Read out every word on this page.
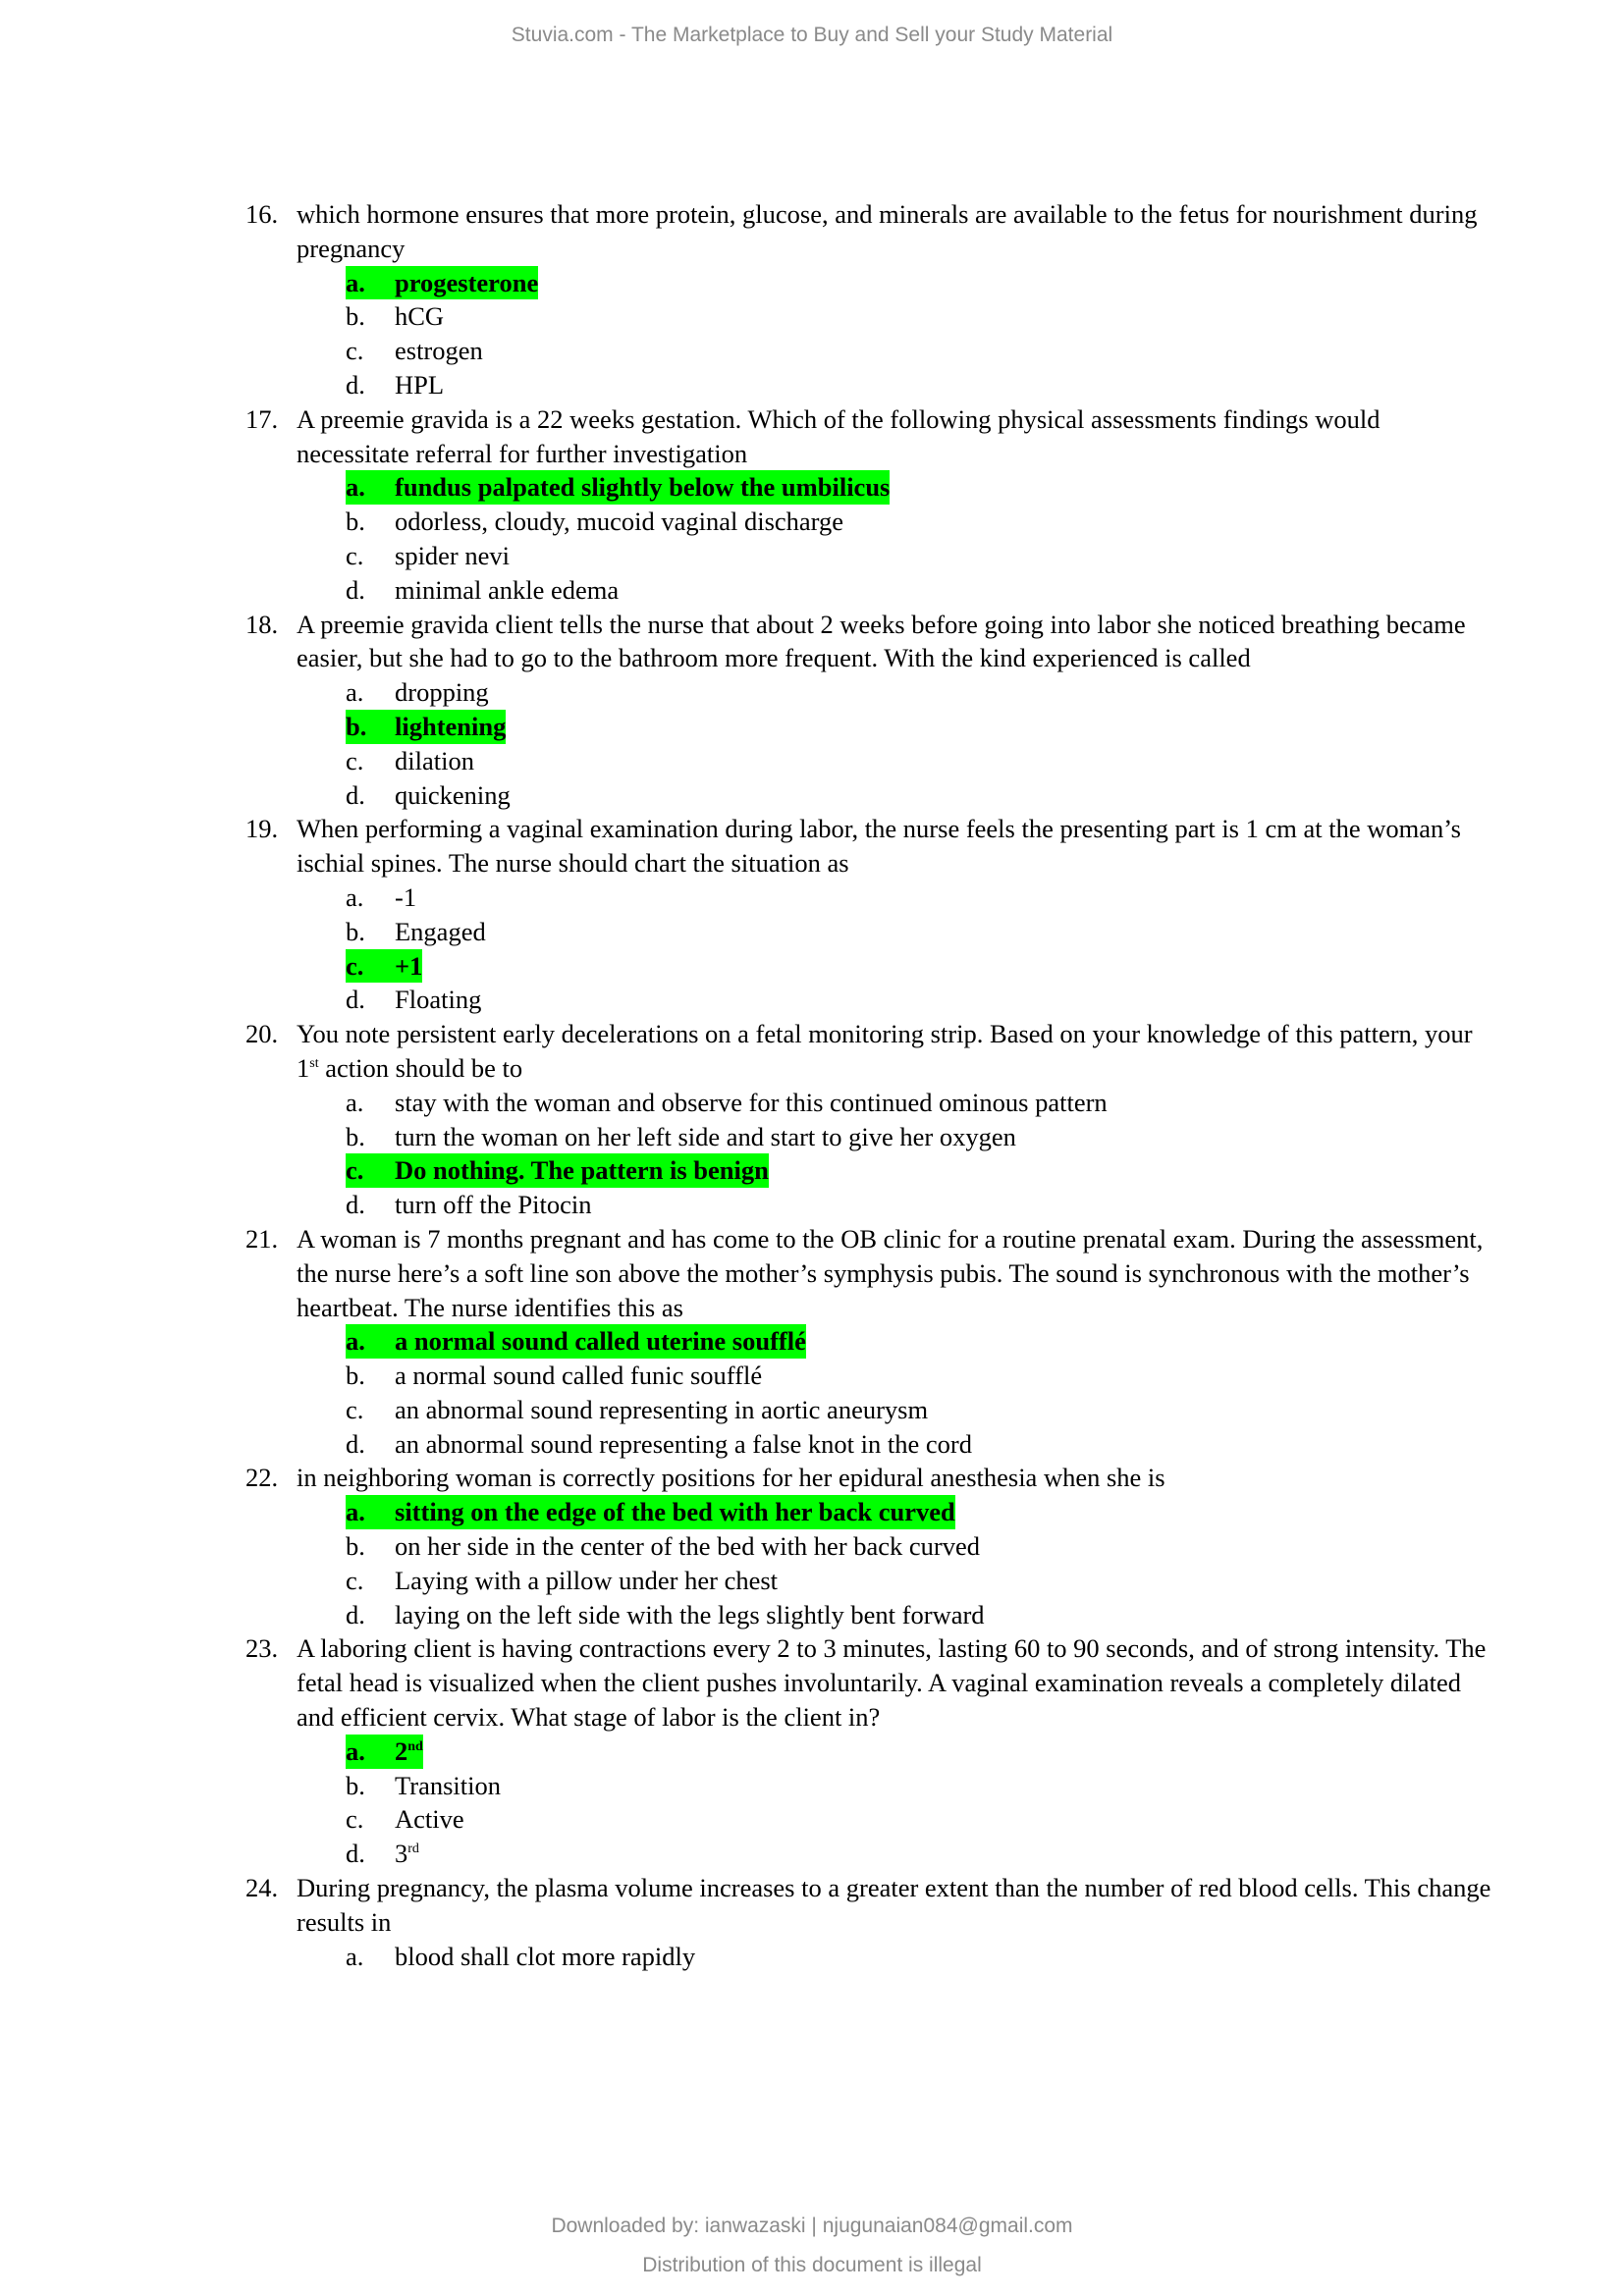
Stuvia.com - The Marketplace to Buy and Sell your Study Material
16. which hormone ensures that more protein, glucose, and minerals are available to the fetus for nourishment during pregnancy
a.	progesterone
b.	hCG
c.	estrogen
d.	HPL
17. A preemie gravida is a 22 weeks gestation. Which of the following physical assessments findings would necessitate referral for further investigation
a.	fundus palpated slightly below the umbilicus
b.	odorless, cloudy, mucoid vaginal discharge
c.	spider nevi
d.	minimal ankle edema
18. A preemie gravida client tells the nurse that about 2 weeks before going into labor she noticed breathing became easier, but she had to go to the bathroom more frequent. With the kind experienced is called
a.	dropping
b.	lightening
c.	dilation
d.	quickening
19. When performing a vaginal examination during labor, the nurse feels the presenting part is 1 cm at the woman’s ischial spines. The nurse should chart the situation as
a.	-1
b.	Engaged
c.	+1
d.	Floating
20. You note persistent early decelerations on a fetal monitoring strip. Based on your knowledge of this pattern, your 1st action should be to
a.	stay with the woman and observe for this continued ominous pattern
b.	turn the woman on her left side and start to give her oxygen
c.	Do nothing. The pattern is benign
d.	turn off the Pitocin
21. A woman is 7 months pregnant and has come to the OB clinic for a routine prenatal exam. During the assessment, the nurse here’s a soft line son above the mother’s symphysis pubis. The sound is synchronous with the mother’s heartbeat. The nurse identifies this as
a.	a normal sound called uterine soufflé
b.	a normal sound called funic soufflé
c.	an abnormal sound representing in aortic aneurysm
d.	an abnormal sound representing a false knot in the cord
22. in neighboring woman is correctly positions for her epidural anesthesia when she is
a.	sitting on the edge of the bed with her back curved
b.	on her side in the center of the bed with her back curved
c.	Laying with a pillow under her chest
d.	laying on the left side with the legs slightly bent forward
23. A laboring client is having contractions every 2 to 3 minutes, lasting 60 to 90 seconds, and of strong intensity. The fetal head is visualized when the client pushes involuntarily. A vaginal examination reveals a completely dilated and efficient cervix. What stage of labor is the client in?
a.	2nd
b.	Transition
c.	Active
d.	3rd
24. During pregnancy, the plasma volume increases to a greater extent than the number of red blood cells. This change results in
a.	blood shall clot more rapidly
Downloaded by: ianwazaski | njugunaian084@gmail.com
Distribution of this document is illegal
